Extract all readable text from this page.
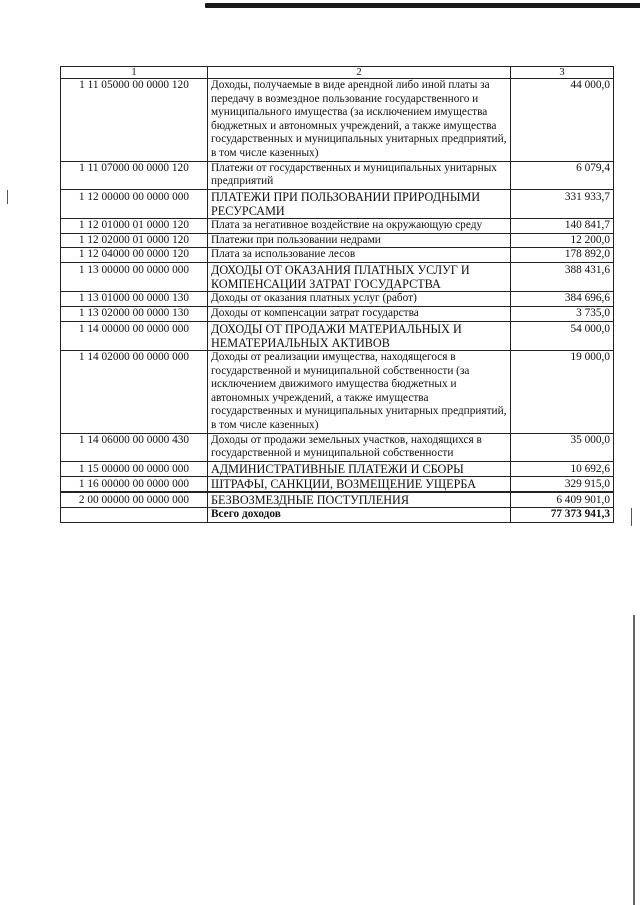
1	2	3
1 11 05000 00 0000 120	Доходы, получаемые в виде арендной либо иной платы за передачу в возмездное пользование государственного и муниципального имущества (за исключением имущества бюджетных и автономных учреждений, а также имущества государственных и муниципальных унитарных предприятий, в том числе казенных)	44 000,0
1 11 07000 00 0000 120	Платежи от государственных и муниципальных унитарных предприятий	6 079,4
1 12 00000 00 0000 000	ПЛАТЕЖИ ПРИ ПОЛЬЗОВАНИИ ПРИРОДНЫМИ РЕСУРСАМИ	331 933,7
1 12 01000 01 0000 120	Плата за негативное воздействие на окружающую среду	140 841,7
1 12 02000 01 0000 120	Платежи при пользовании недрами	12 200,0
1 12 04000 00 0000 120	Плата за использование лесов	178 892,0
1 13 00000 00 0000 000	ДОХОДЫ ОТ ОКАЗАНИЯ ПЛАТНЫХ УСЛУГ И КОМПЕНСАЦИИ ЗАТРАТ ГОСУДАРСТВА	388 431,6
1 13 01000 00 0000 130	Доходы от оказания платных услуг (работ)	384 696,6
1 13 02000 00 0000 130	Доходы от компенсации затрат государства	3 735,0
1 14 00000 00 0000 000	ДОХОДЫ ОТ ПРОДАЖИ МАТЕРИАЛЬНЫХ И НЕМАТЕРИАЛЬНЫХ АКТИВОВ	54 000,0
1 14 02000 00 0000 000	Доходы от реализации имущества, находящегося в государственной и муниципальной собственности (за исключением движимого имущества бюджетных и автономных учреждений, а также имущества государственных и муниципальных унитарных предприятий, в том числе казенных)	19 000,0
1 14 06000 00 0000 430	Доходы от продажи земельных участков, находящихся в государственной и муниципальной собственности	35 000,0
1 15 00000 00 0000 000	АДМИНИСТРАТИВНЫЕ ПЛАТЕЖИ И СБОРЫ	10 692,6
1 16 00000 00 0000 000	ШТРАФЫ, САНКЦИИ, ВОЗМЕЩЕНИЕ УЩЕРБА	329 915,0
2 00 00000 00 0000 000	БЕЗВОЗМЕЗДНЫЕ ПОСТУПЛЕНИЯ	6 409 901,0
	Всего доходов	77 373 941,3
